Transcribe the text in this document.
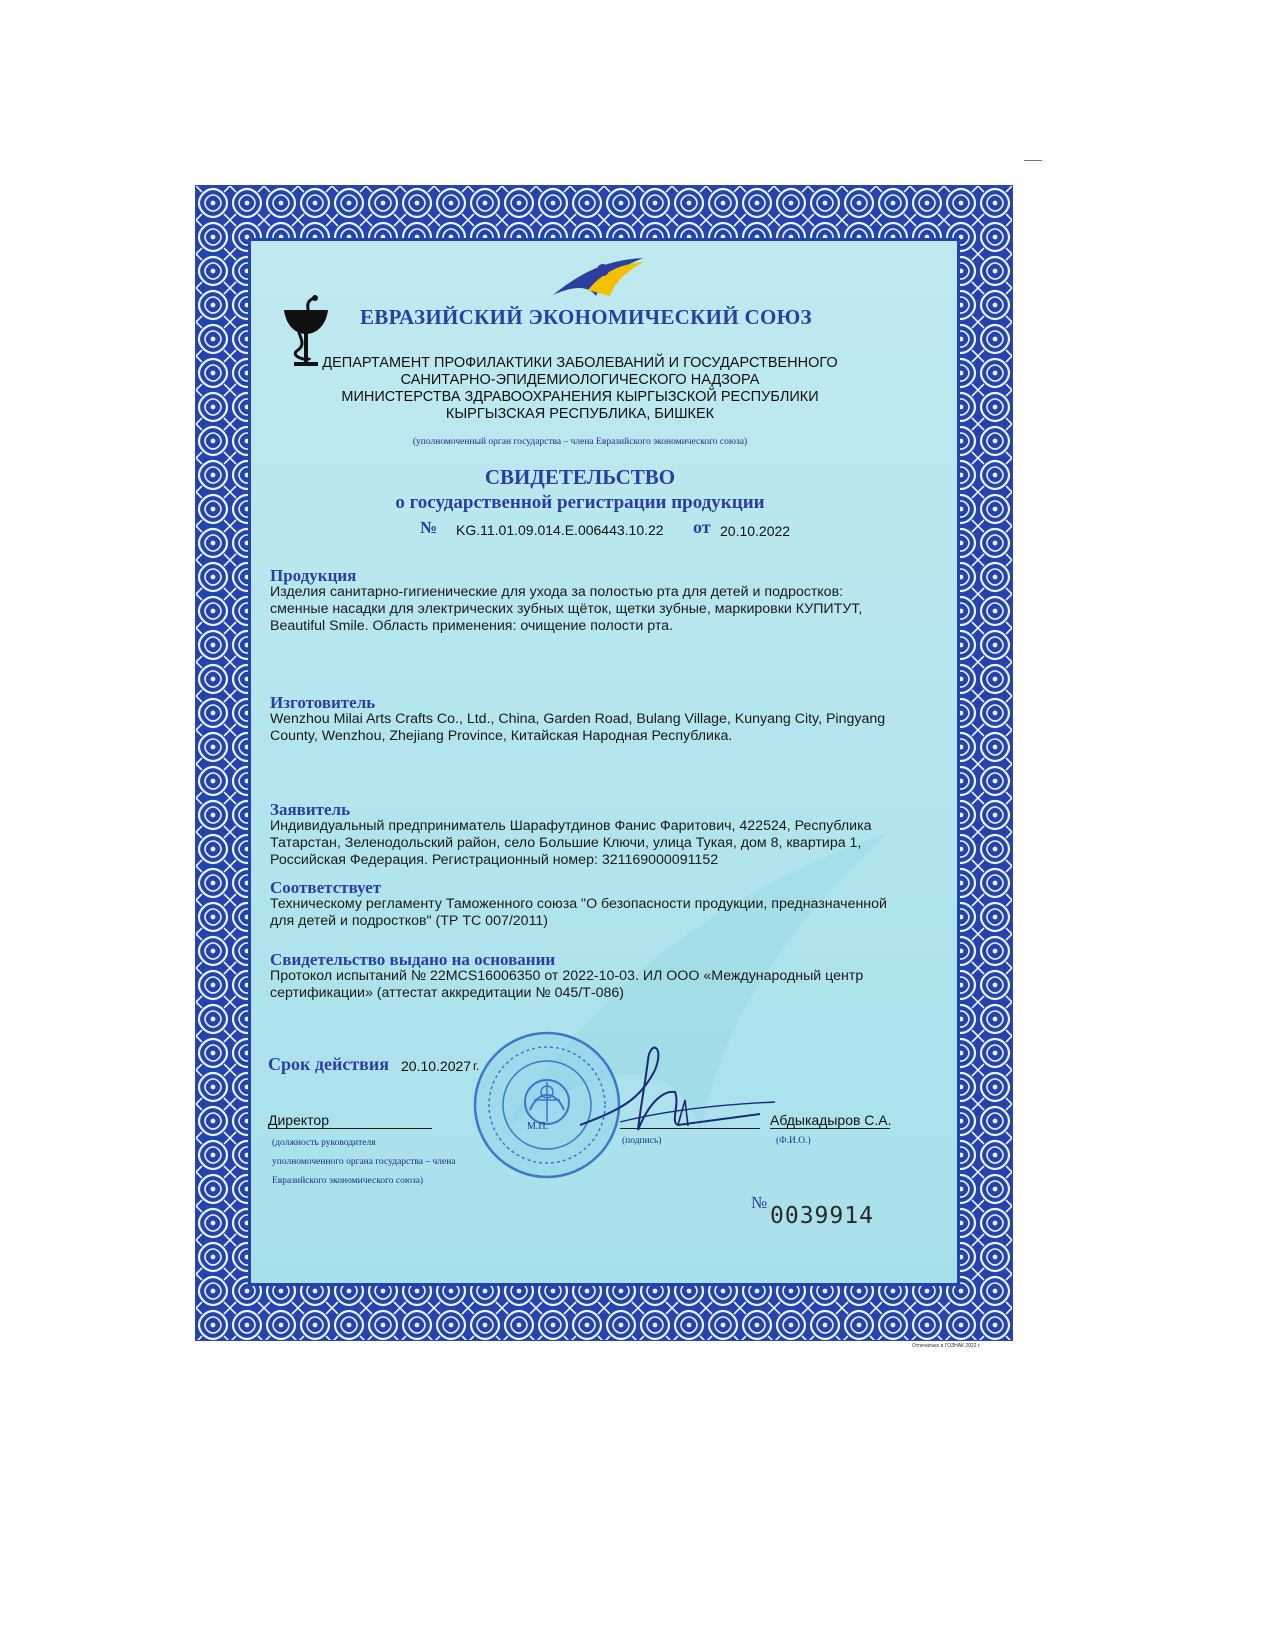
ЕВРАЗИЙСКИЙ ЭКОНОМИЧЕСКИЙ СОЮЗ
ДЕПАРТАМЕНТ ПРОФИЛАКТИКИ ЗАБОЛЕВАНИЙ И ГОСУДАРСТВЕННОГО
САНИТАРНО-ЭПИДЕМИОЛОГИЧЕСКОГО НАДЗОРА
МИНИСТЕРСТВА ЗДРАВООХРАНЕНИЯ КЫРГЫЗСКОЙ РЕСПУБЛИКИ
КЫРГЫЗСКАЯ РЕСПУБЛИКА, БИШКЕК
(уполномоченный орган государства – члена Евразийского экономического союза)
СВИДЕТЕЛЬСТВО
о государственной регистрации продукции
№ KG.11.01.09.014.Е.006443.10.22 от 20.10.2022
Продукция
Изделия санитарно-гигиенические для ухода за полостью рта для детей и подростков:
сменные насадки для электрических зубных щёток, щетки зубные, маркировки КУПИТУТ,
Beautiful Smile. Область применения: очищение полости рта.
Изготовитель
Wenzhou Milai Arts Crafts Co., Ltd., China, Garden Road, Bulang Village, Kunyang City, Pingyang
County, Wenzhou, Zhejiang Province, Китайская Народная Республика.
Заявитель
Индивидуальный предприниматель Шарафутдинов Фанис Фаритович, 422524, Республика
Татарстан, Зеленодольский район, село Большие Ключи, улица Тукая, дом 8, квартира 1,
Российская Федерация. Регистрационный номер: 321169000091152
Соответствует
Техническому регламенту Таможенного союза "О безопасности продукции, предназначенной
для детей и подростков" (ТР ТС 007/2011)
Свидетельство выдано на основании
Протокол испытаний № 22MCS16006350 от 2022-10-03. ИЛ ООО «Международный центр
сертификации» (аттестат аккредитации № 045/Т-086)
Срок действия 20.10.2027 г.
Директор	Абдыкадыров С.А.
(должность руководителя
уполномоченного органа государства – члена
Евразийского экономического союза)
М.П.
(подпись)	(Ф.И.О.)
№
0039914
Отпечатано в ГОЗНАК 2022 г.
